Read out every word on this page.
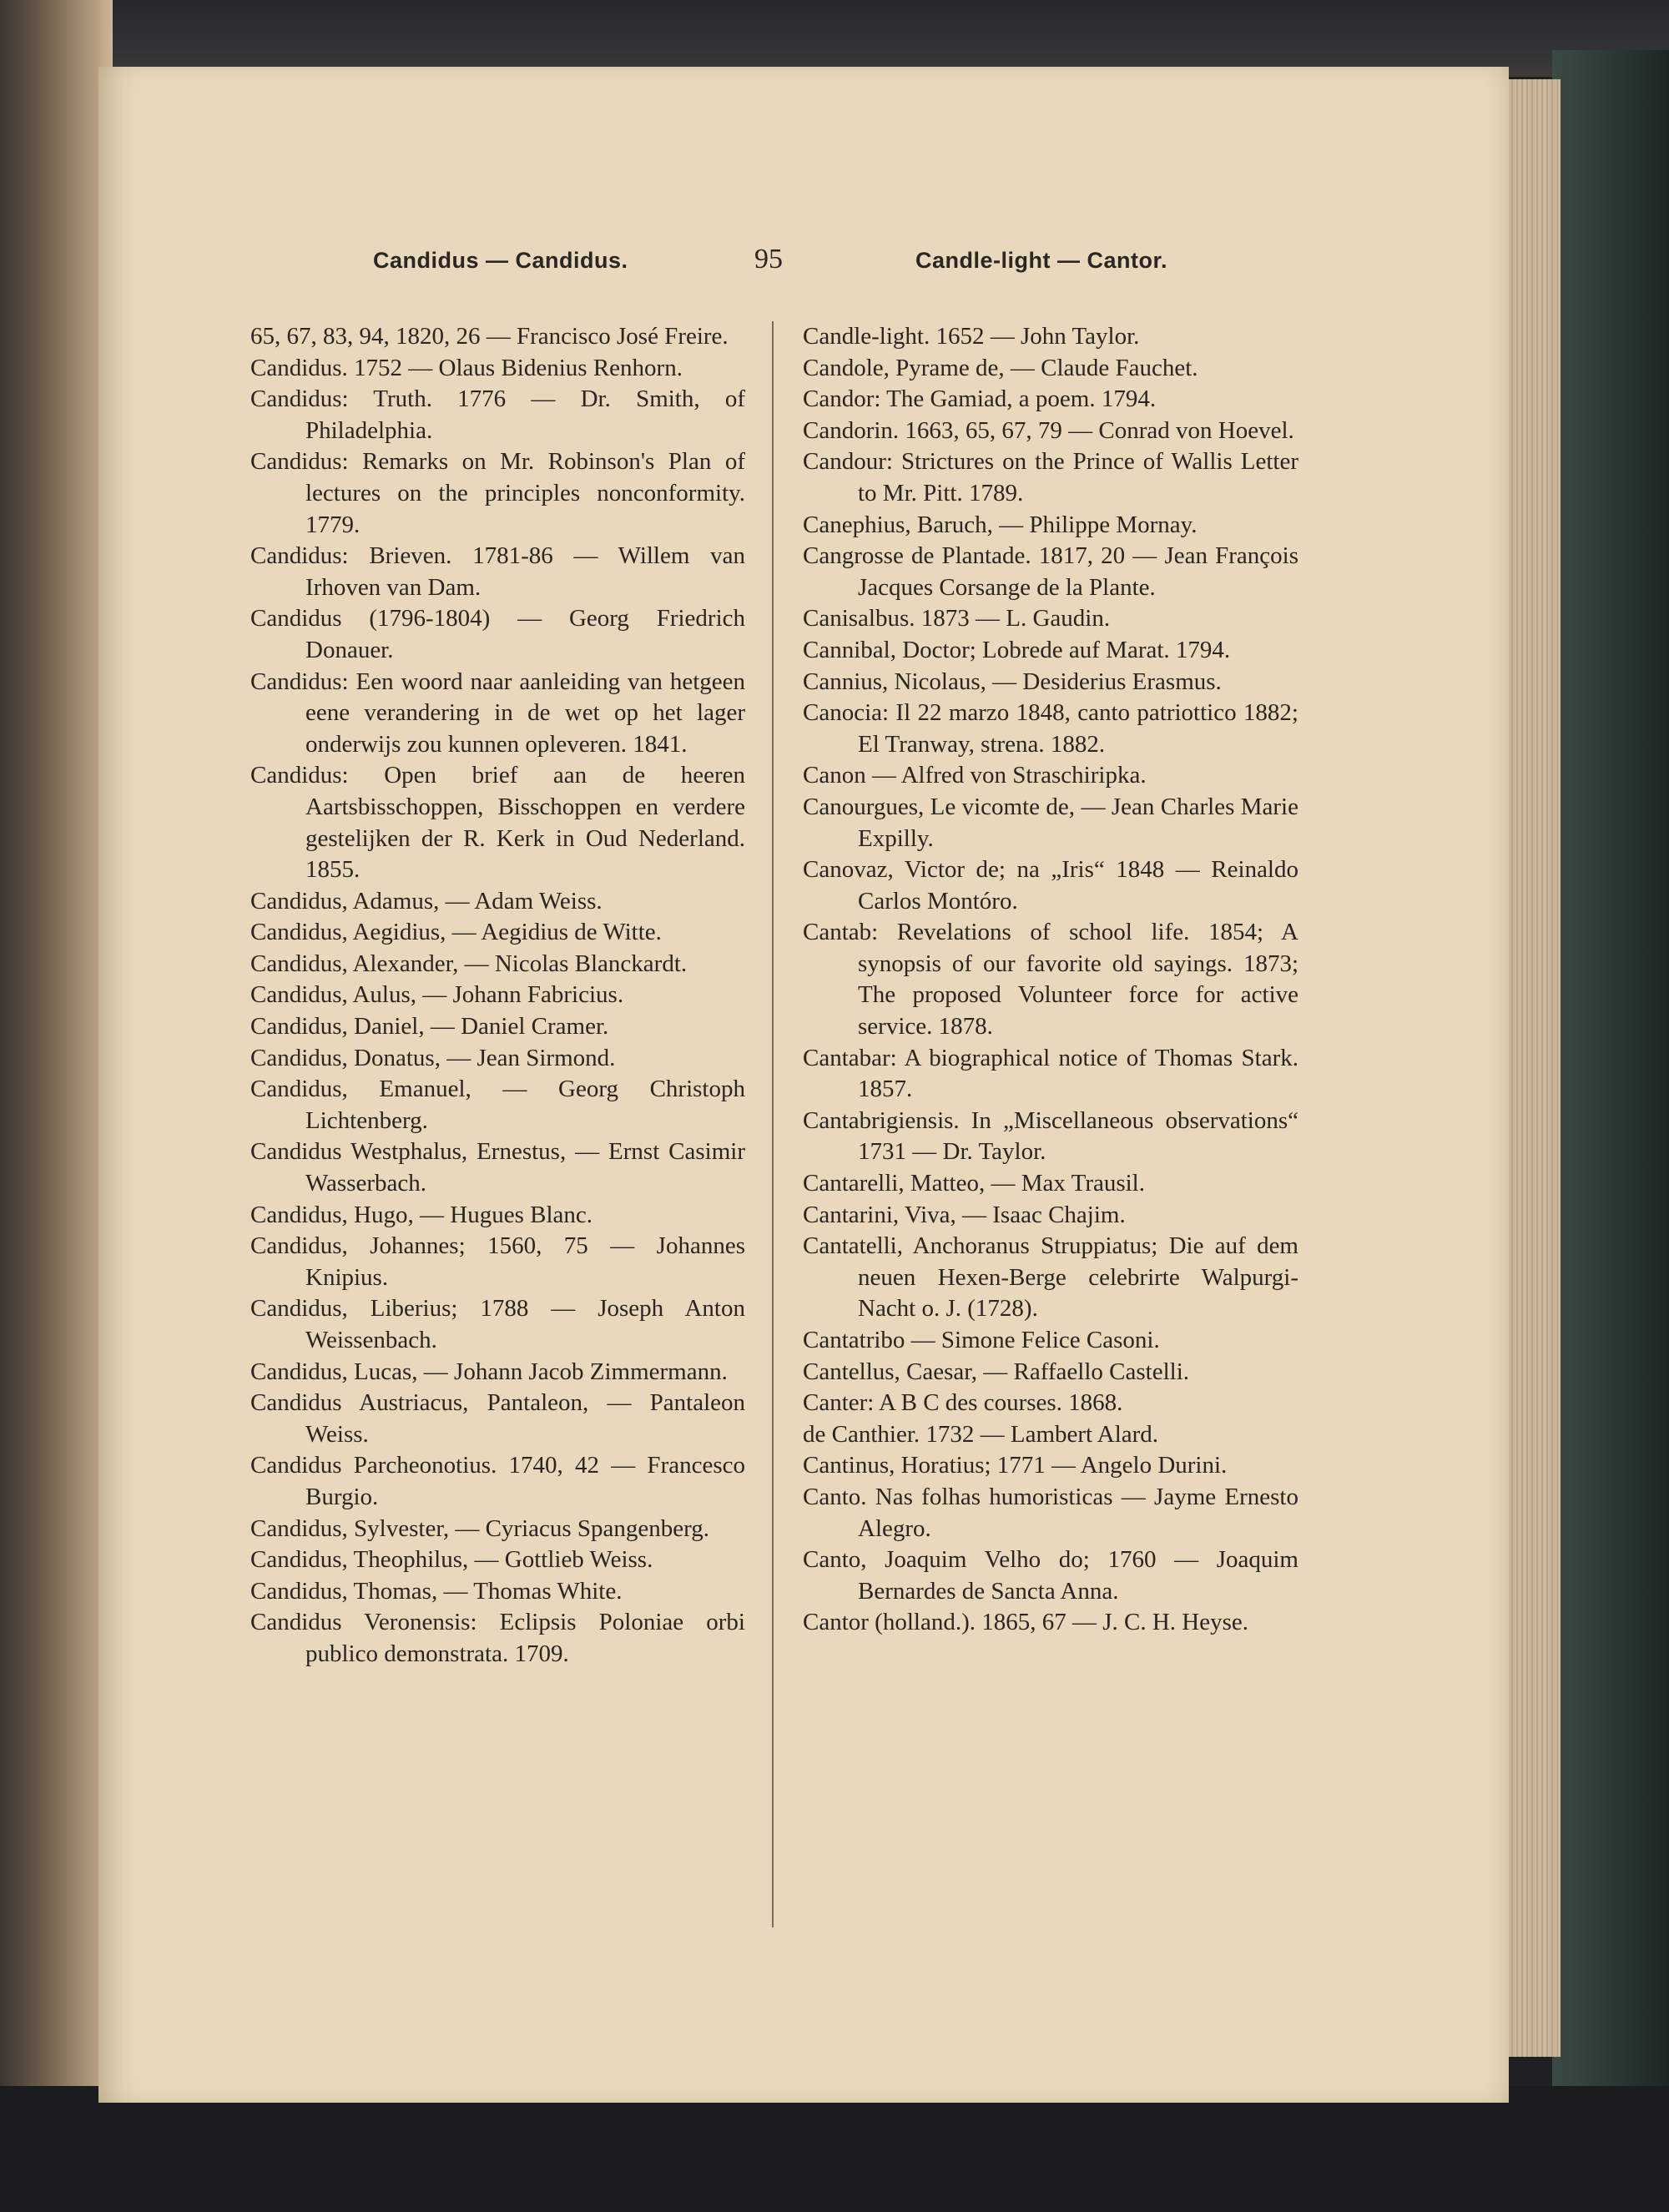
Candidus — Candidus.	95	Candle-light — Cantor.

65, 67, 83, 94, 1820, 26 — Francisco José Freire.

Candidus. 1752 — Olaus Bidenius Renhorn.

Candidus: Truth. 1776 — Dr. Smith, of Philadelphia.

Candidus: Remarks on Mr. Robinson's Plan of lectures on the principles nonconformity. 1779.

Candidus: Brieven. 1781-86 — Willem van Irhoven van Dam.

Candidus (1796-1804) — Georg Friedrich Donauer.

Candidus: Een woord naar aanleiding van hetgeen eene verandering in de wet op het lager onderwijs zou kunnen opleveren. 1841.

Candidus: Open brief aan de heeren Aartsbisschoppen, Bisschoppen en verdere gestelijken der R. Kerk in Oud Nederland. 1855.

Candidus, Adamus, — Adam Weiss.

Candidus, Aegidius, — Aegidius de Witte.

Candidus, Alexander, — Nicolas Blanckardt.

Candidus, Aulus, — Johann Fabricius.

Candidus, Daniel, — Daniel Cramer.

Candidus, Donatus, — Jean Sirmond.

Candidus, Emanuel, — Georg Christoph Lichtenberg.

Candidus Westphalus, Ernestus, — Ernst Casimir Wasserbach.

Candidus, Hugo, — Hugues Blanc.

Candidus, Johannes; 1560, 75 — Johannes Knipius.

Candidus, Liberius; 1788 — Joseph Anton Weissenbach.

Candidus, Lucas, — Johann Jacob Zimmermann.

Candidus Austriacus, Pantaleon, — Pantaleon Weiss.

Candidus Parcheonotius. 1740, 42 — Francesco Burgio.

Candidus, Sylvester, — Cyriacus Spangenberg.

Candidus, Theophilus, — Gottlieb Weiss.

Candidus, Thomas, — Thomas White.

Candidus Veronensis: Eclipsis Poloniae orbi publico demonstrata. 1709.

Candle-light. 1652 — John Taylor.

Candole, Pyrame de, — Claude Fauchet.

Candor: The Gamiad, a poem. 1794.

Candorin. 1663, 65, 67, 79 — Conrad von Hoevel.

Candour: Strictures on the Prince of Wallis Letter to Mr. Pitt. 1789.

Canephius, Baruch, — Philippe Mornay.

Cangrosse de Plantade. 1817, 20 — Jean François Jacques Corsange de la Plante.

Canisalbus. 1873 — L. Gaudin.

Cannibal, Doctor; Lobrede auf Marat. 1794.

Cannius, Nicolaus, — Desiderius Erasmus.

Canocia: Il 22 marzo 1848, canto patriottico 1882; El Tranway, strena. 1882.

Canon — Alfred von Straschiripka.

Canourgues, Le vicomte de, — Jean Charles Marie Expilly.

Canovaz, Victor de; na „Iris“ 1848 — Reinaldo Carlos Montóro.

Cantab: Revelations of school life. 1854; A synopsis of our favorite old sayings. 1873; The proposed Volunteer force for active service. 1878.

Cantabar: A biographical notice of Thomas Stark. 1857.

Cantabrigiensis. In „Miscellaneous observations“ 1731 — Dr. Taylor.

Cantarelli, Matteo, — Max Trausil.

Cantarini, Viva, — Isaac Chajim.

Cantatelli, Anchoranus Struppiatus; Die auf dem neuen Hexen-Berge celebrirte Walpurgi-Nacht o. J. (1728).

Cantatribo — Simone Felice Casoni.

Cantellus, Caesar, — Raffaello Castelli.

Canter: A B C des courses. 1868.

de Canthier. 1732 — Lambert Alard.

Cantinus, Horatius; 1771 — Angelo Durini.

Canto. Nas folhas humoristicas — Jayme Ernesto Alegro.

Canto, Joaquim Velho do; 1760 — Joaquim Bernardes de Sancta Anna.

Cantor (holland.). 1865, 67 — J. C. H. Heyse.
